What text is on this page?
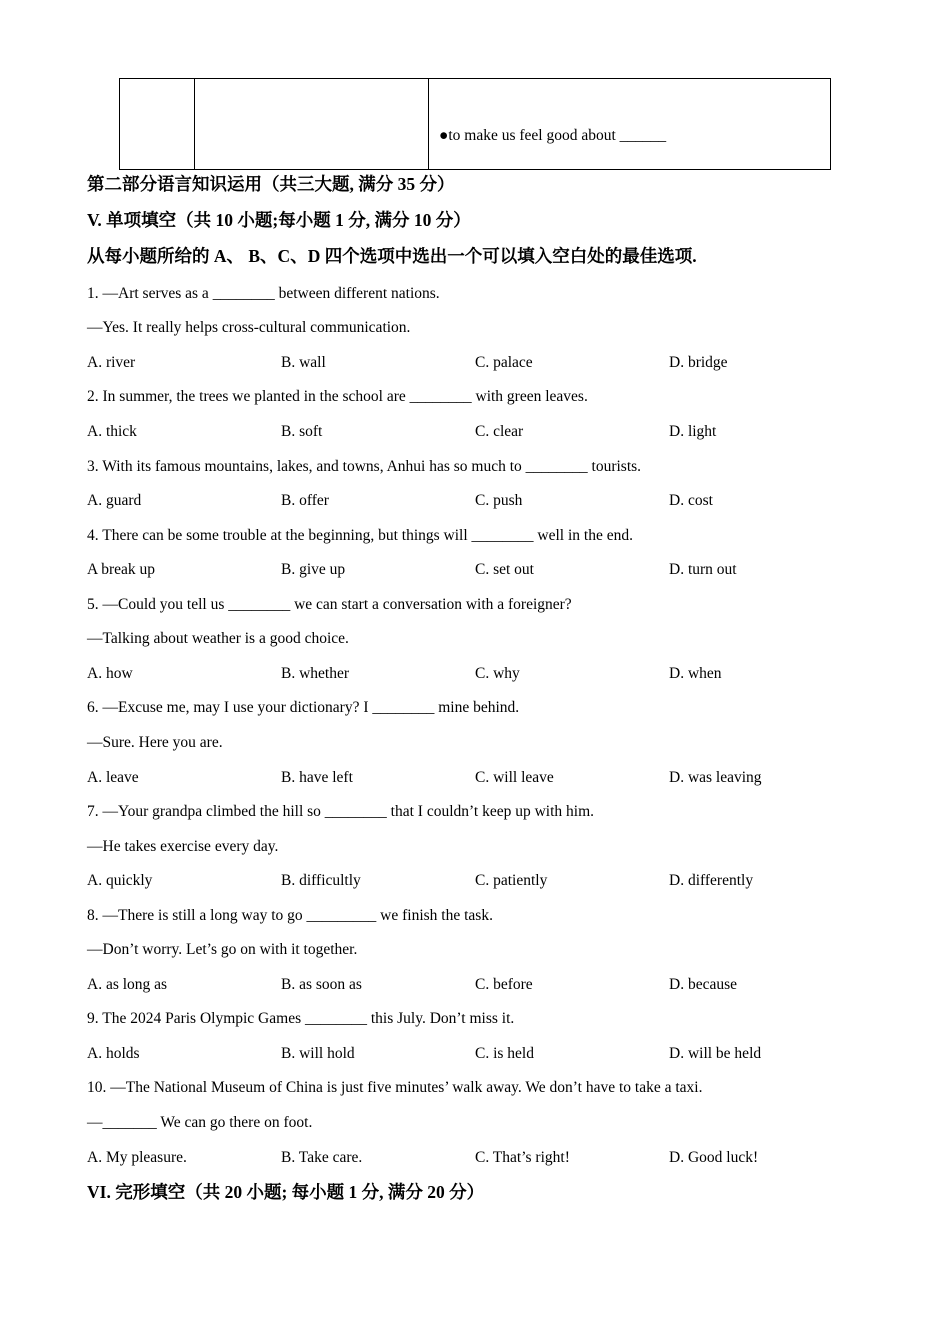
●to make us feel good about ______
第二部分语言知识运用（共三大题, 满分 35 分）
V. 单项填空（共 10 小题;每小题 1 分, 满分 10 分）
从每小题所给的 A、 B、C、D 四个选项中选出一个可以填入空白处的最佳选项.
1. —Art serves as a ________ between different nations.
—Yes. It really helps cross-cultural communication.
A. river	B. wall	C. palace	D. bridge
2. In summer, the trees we planted in the school are ________ with green leaves.
A. thick	B. soft	C. clear	D. light
3. With its famous mountains, lakes, and towns, Anhui has so much to ________ tourists.
A. guard	B. offer	C. push	D. cost
4. There can be some trouble at the beginning, but things will ________ well in the end.
A break up	B. give up	C. set out	D. turn out
5. —Could you tell us ________ we can start a conversation with a foreigner?
—Talking about weather is a good choice.
A. how	B. whether	C. why	D. when
6. —Excuse me, may I use your dictionary? I ________ mine behind.
—Sure. Here you are.
A. leave	B. have left	C. will leave	D. was leaving
7. —Your grandpa climbed the hill so ________ that I couldn’t keep up with him.
—He takes exercise every day.
A. quickly	B. difficultly	C. patiently	D. differently
8. —There is still a long way to go _________ we finish the task.
—Don’t worry. Let’s go on with it together.
A. as long as	B. as soon as	C. before	D. because
9. The 2024 Paris Olympic Games ________ this July. Don’t miss it.
A. holds	B. will hold	C. is held	D. will be held
10. —The National Museum of China is just five minutes’ walk away. We don’t have to take a taxi.
—_______ We can go there on foot.
A. My pleasure.	B. Take care.	C. That’s right!	D. Good luck!
VI. 完形填空（共 20 小题; 每小题 1 分, 满分 20 分）
